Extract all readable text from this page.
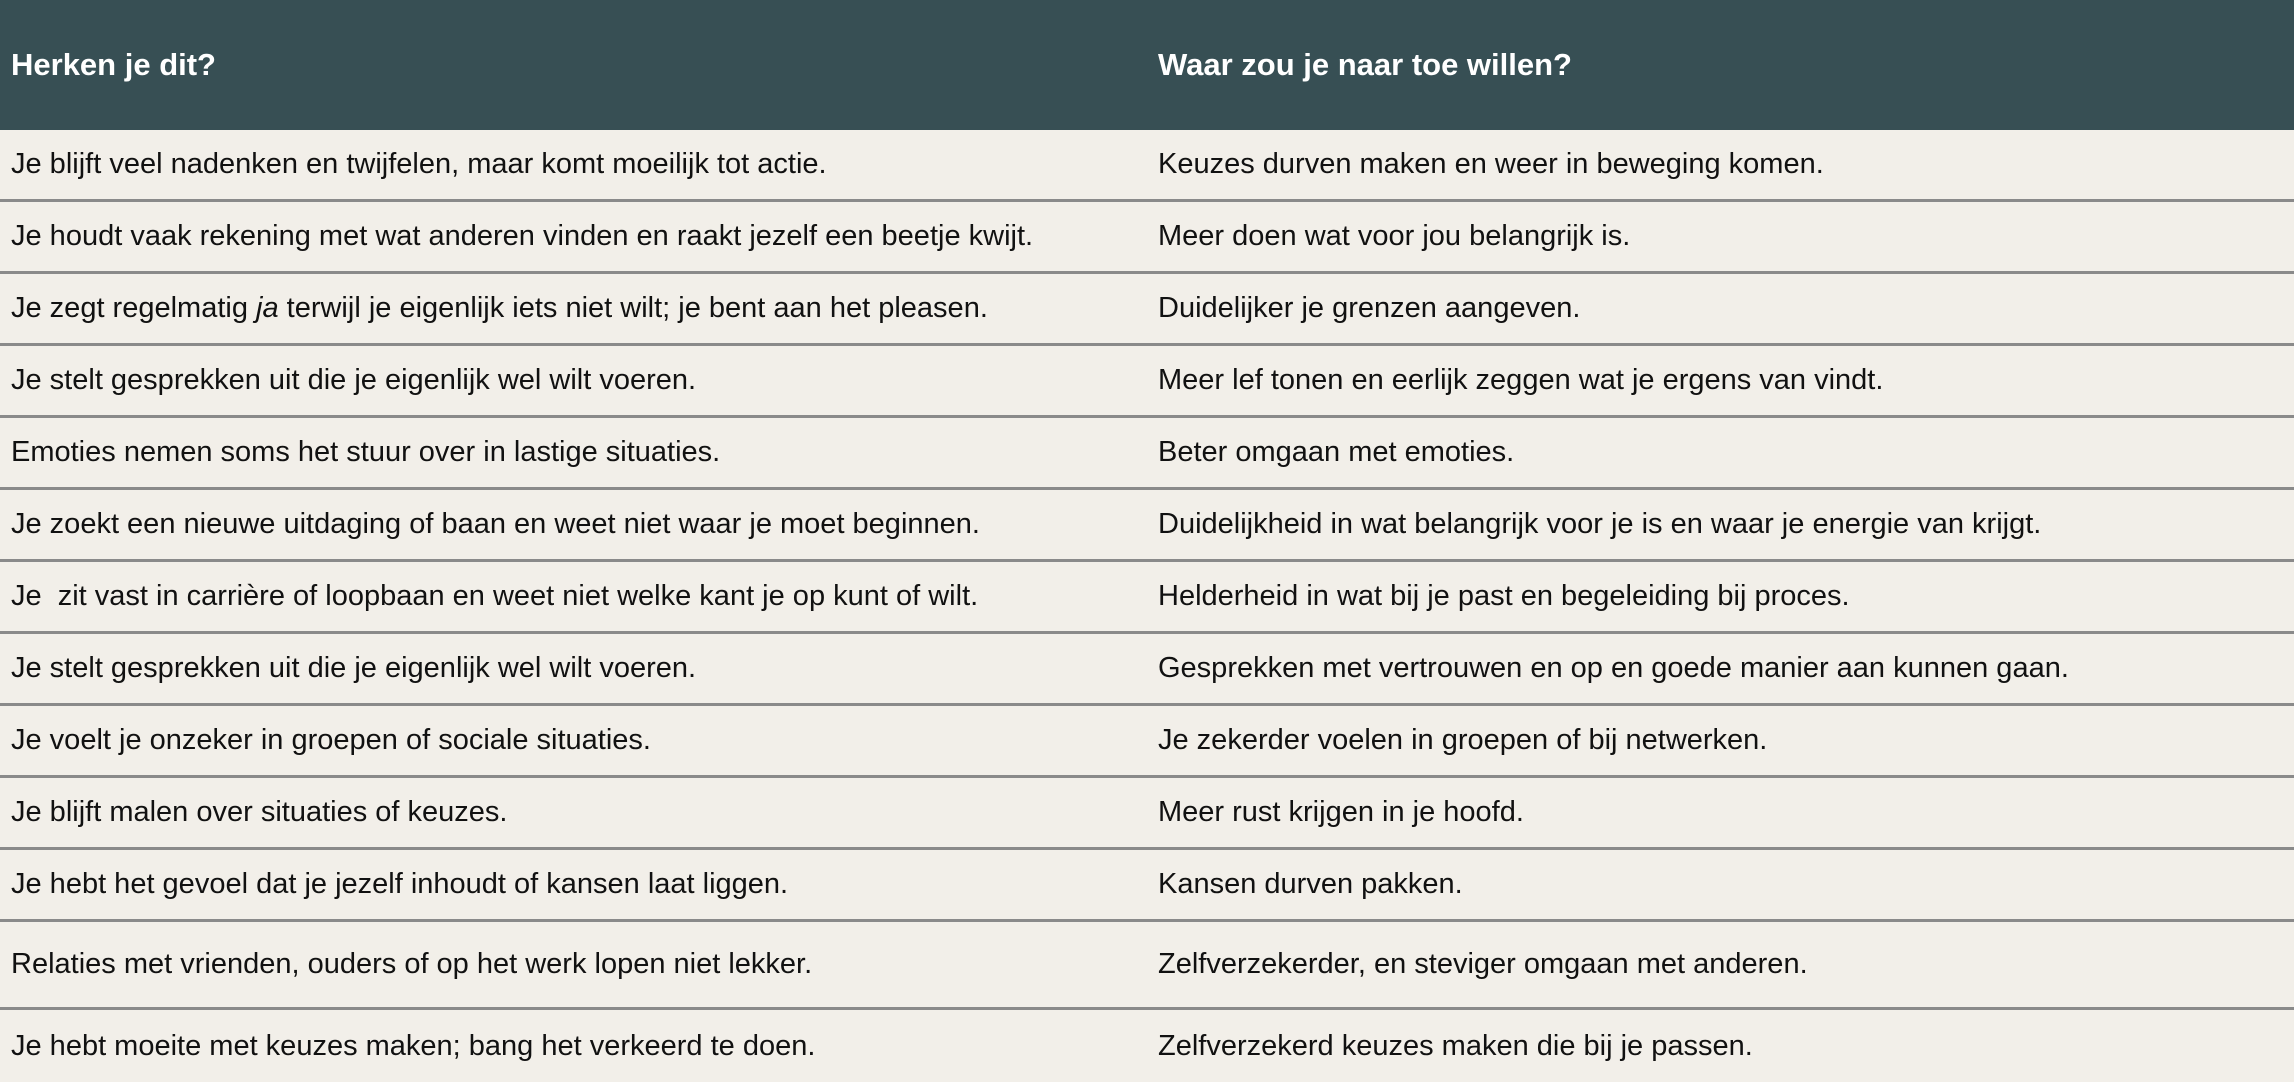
Herken je dit?	Waar zou je naar toe willen?
Je blijft veel nadenken en twijfelen, maar komt moeilijk tot actie.	Keuzes durven maken en weer in beweging komen.
Je houdt vaak rekening met wat anderen vinden en raakt jezelf een beetje kwijt.	Meer doen wat voor jou belangrijk is.
Je zegt regelmatig ja terwijl je eigenlijk iets niet wilt; je bent aan het pleasen.	Duidelijker je grenzen aangeven.
Je stelt gesprekken uit die je eigenlijk wel wilt voeren.	Meer lef tonen en eerlijk zeggen wat je ergens van vindt.
Emoties nemen soms het stuur over in lastige situaties.	Beter omgaan met emoties.
Je zoekt een nieuwe uitdaging of baan en weet niet waar je moet beginnen.	Duidelijkheid in wat belangrijk voor je is en waar je energie van krijgt.
Je  zit vast in carrière of loopbaan en weet niet welke kant je op kunt of wilt.	Helderheid in wat bij je past en begeleiding bij proces.
Je stelt gesprekken uit die je eigenlijk wel wilt voeren.	Gesprekken met vertrouwen en op en goede manier aan kunnen gaan.
Je voelt je onzeker in groepen of sociale situaties.	Je zekerder voelen in groepen of bij netwerken.
Je blijft malen over situaties of keuzes.	Meer rust krijgen in je hoofd.
Je hebt het gevoel dat je jezelf inhoudt of kansen laat liggen.	Kansen durven pakken.
Relaties met vrienden, ouders of op het werk lopen niet lekker.	Zelfverzekerder, en steviger omgaan met anderen.
Je hebt moeite met keuzes maken; bang het verkeerd te doen.	Zelfverzekerd keuzes maken die bij je passen.
